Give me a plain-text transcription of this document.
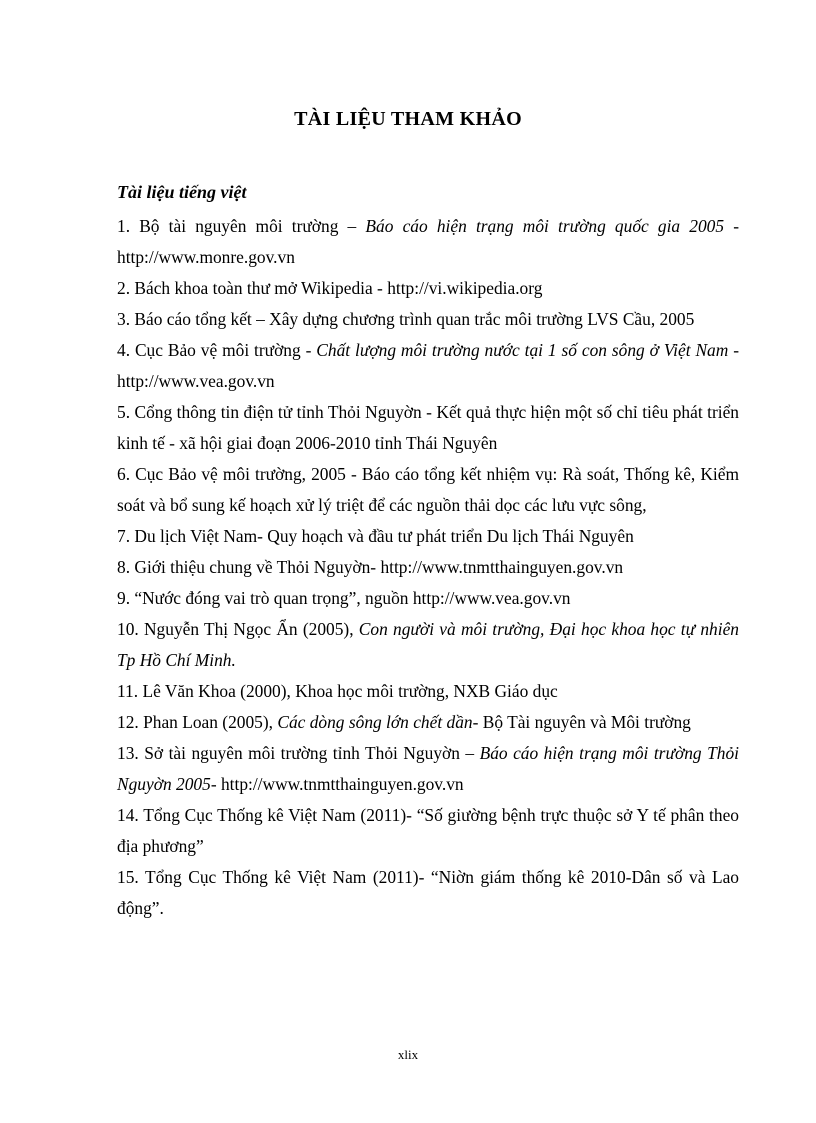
TÀI LIỆU THAM KHẢO
Tài liệu tiếng việt

1. Bộ tài nguyên môi trường – Báo cáo hiện trạng môi trường quốc gia 2005 - http://www.monre.gov.vn

2. Bách khoa toàn thư mở Wikipedia - http://vi.wikipedia.org

3. Báo cáo tổng kết – Xây dựng chương trình quan trắc môi trường LVS Cầu, 2005

4. Cục Bảo vệ môi trường - Chất lượng môi trường nước tại 1 số con sông ở Việt Nam - http://www.vea.gov.vn

5. Cổng thông tin điện tử tỉnh Thỏi Nguyờn - Kết quả thực hiện một số chỉ tiêu phát triển kinh tế - xã hội giai đoạn 2006-2010 tỉnh Thái Nguyên

6. Cục Bảo vệ môi trường, 2005 - Báo cáo tổng kết nhiệm vụ: Rà soát, Thống kê, Kiểm soát và bổ sung kế hoạch xử lý triệt để các nguồn thải dọc các lưu vực sông,

7. Du lịch Việt Nam- Quy hoạch và đầu tư phát triển Du lịch Thái Nguyên

8. Giới thiệu chung về Thỏi Nguyờn- http://www.tnmtthainguyen.gov.vn

9. “Nước đóng vai trò quan trọng”, nguồn http://www.vea.gov.vn

10. Nguyễn Thị Ngọc Ẩn (2005), Con người và môi trường, Đại học khoa học tự nhiên Tp Hồ Chí Minh.

11. Lê Văn Khoa (2000), Khoa học môi trường, NXB Giáo dục

12. Phan Loan (2005), Các dòng sông lớn chết dần- Bộ Tài nguyên và Môi trường

13. Sở tài nguyên môi trường tỉnh Thỏi Nguyờn – Báo cáo hiện trạng môi trường Thỏi Nguyờn 2005- http://www.tnmtthainguyen.gov.vn

14. Tổng Cục Thống kê Việt Nam (2011)- “Số giường bệnh trực thuộc sở Y tế phân theo địa phương”

15. Tổng Cục Thống kê Việt Nam (2011)- “Niờn giám thống kê 2010-Dân số và Lao động”.

xlix
